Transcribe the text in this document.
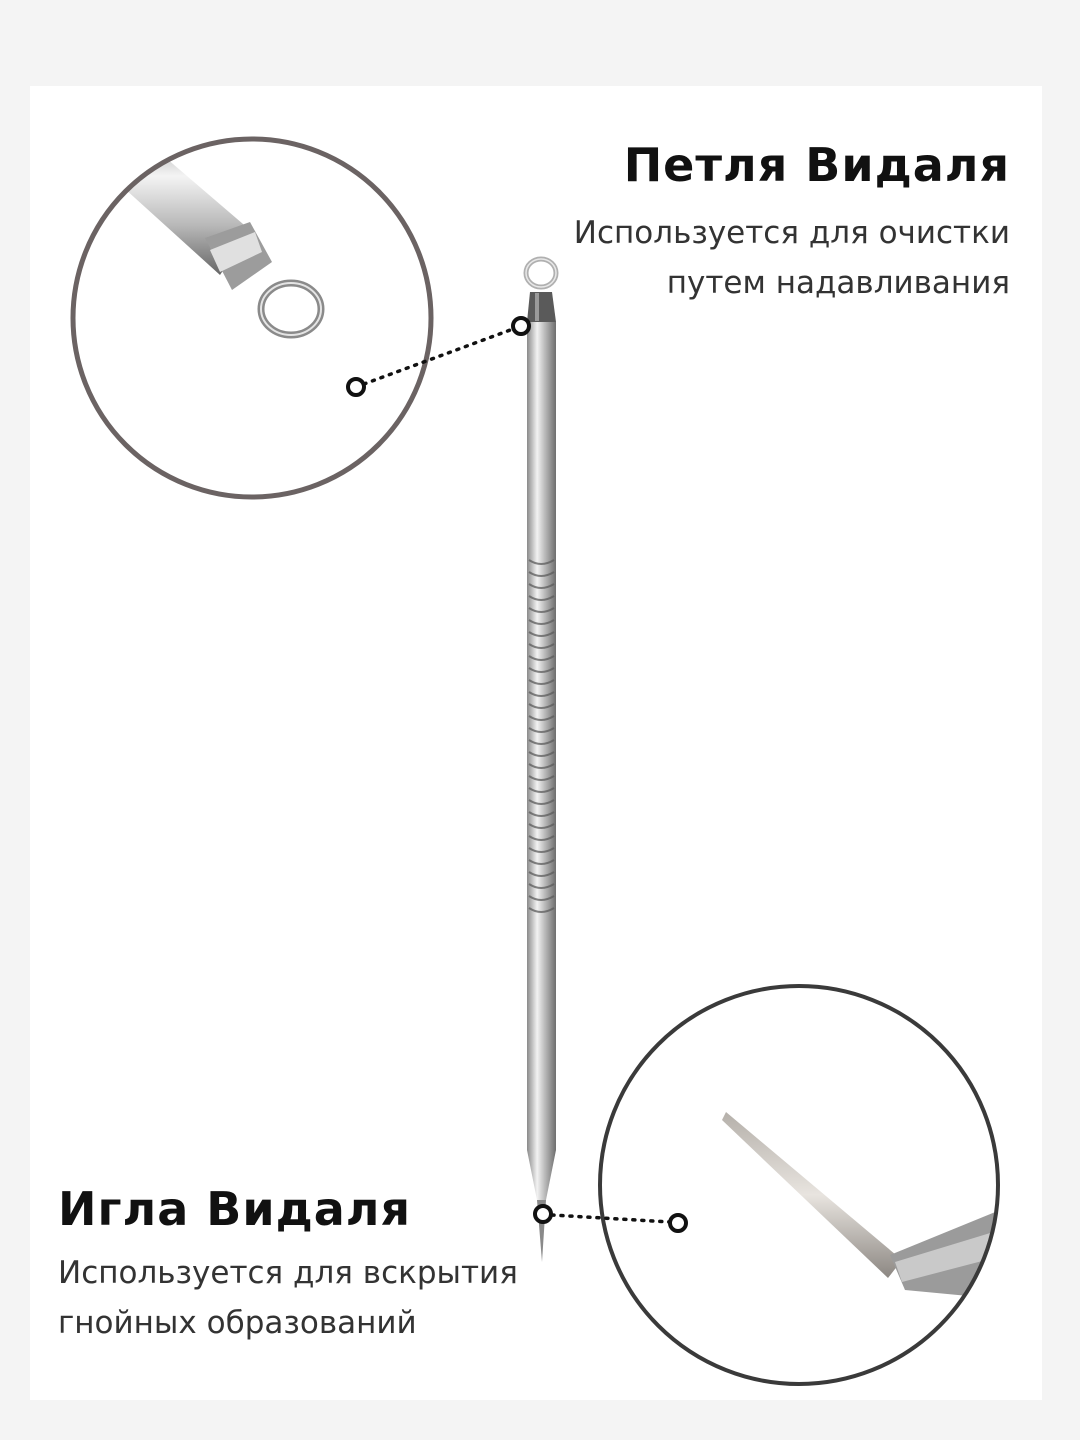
Петля Видаля
Используется для очистки
путем надавливания
Игла Видаля
Используется для вскрытия
гнойных образований
